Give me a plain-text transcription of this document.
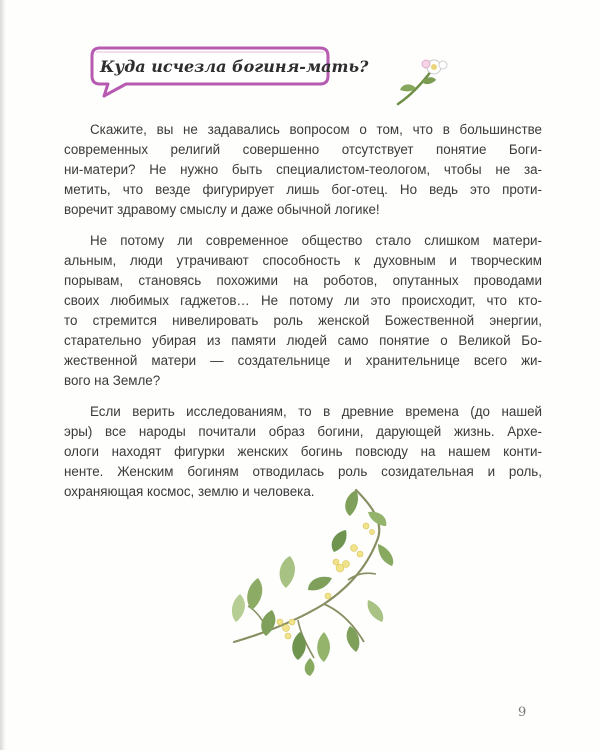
Куда исчезла богиня-мать?

Скажите, вы не задавались вопросом о том, что в большинстве
современных религий совершенно отсутствует понятие Боги-
ни-матери? Не нужно быть специалистом-теологом, чтобы не за-
метить, что везде фигурирует лишь бог-отец. Но ведь это проти-
воречит здравому смыслу и даже обычной логике!

Не потому ли современное общество стало слишком матери-
альным, люди утрачивают способность к духовным и творческим
порывам, становясь похожими на роботов, опутанных проводами
своих любимых гаджетов… Не потому ли это происходит, что кто-
то стремится нивелировать роль женской Божественной энергии,
старательно убирая из памяти людей само понятие о Великой Бо-
жественной матери — создательнице и хранительнице всего жи-
вого на Земле?

Если верить исследованиям, то в древние времена (до нашей
эры) все народы почитали образ богини, дарующей жизнь. Архе-
ологи находят фигурки женских богинь повсюду на нашем конти-
ненте. Женским богиням отводилась роль созидательная и роль,
охраняющая космос, землю и человека.

9
